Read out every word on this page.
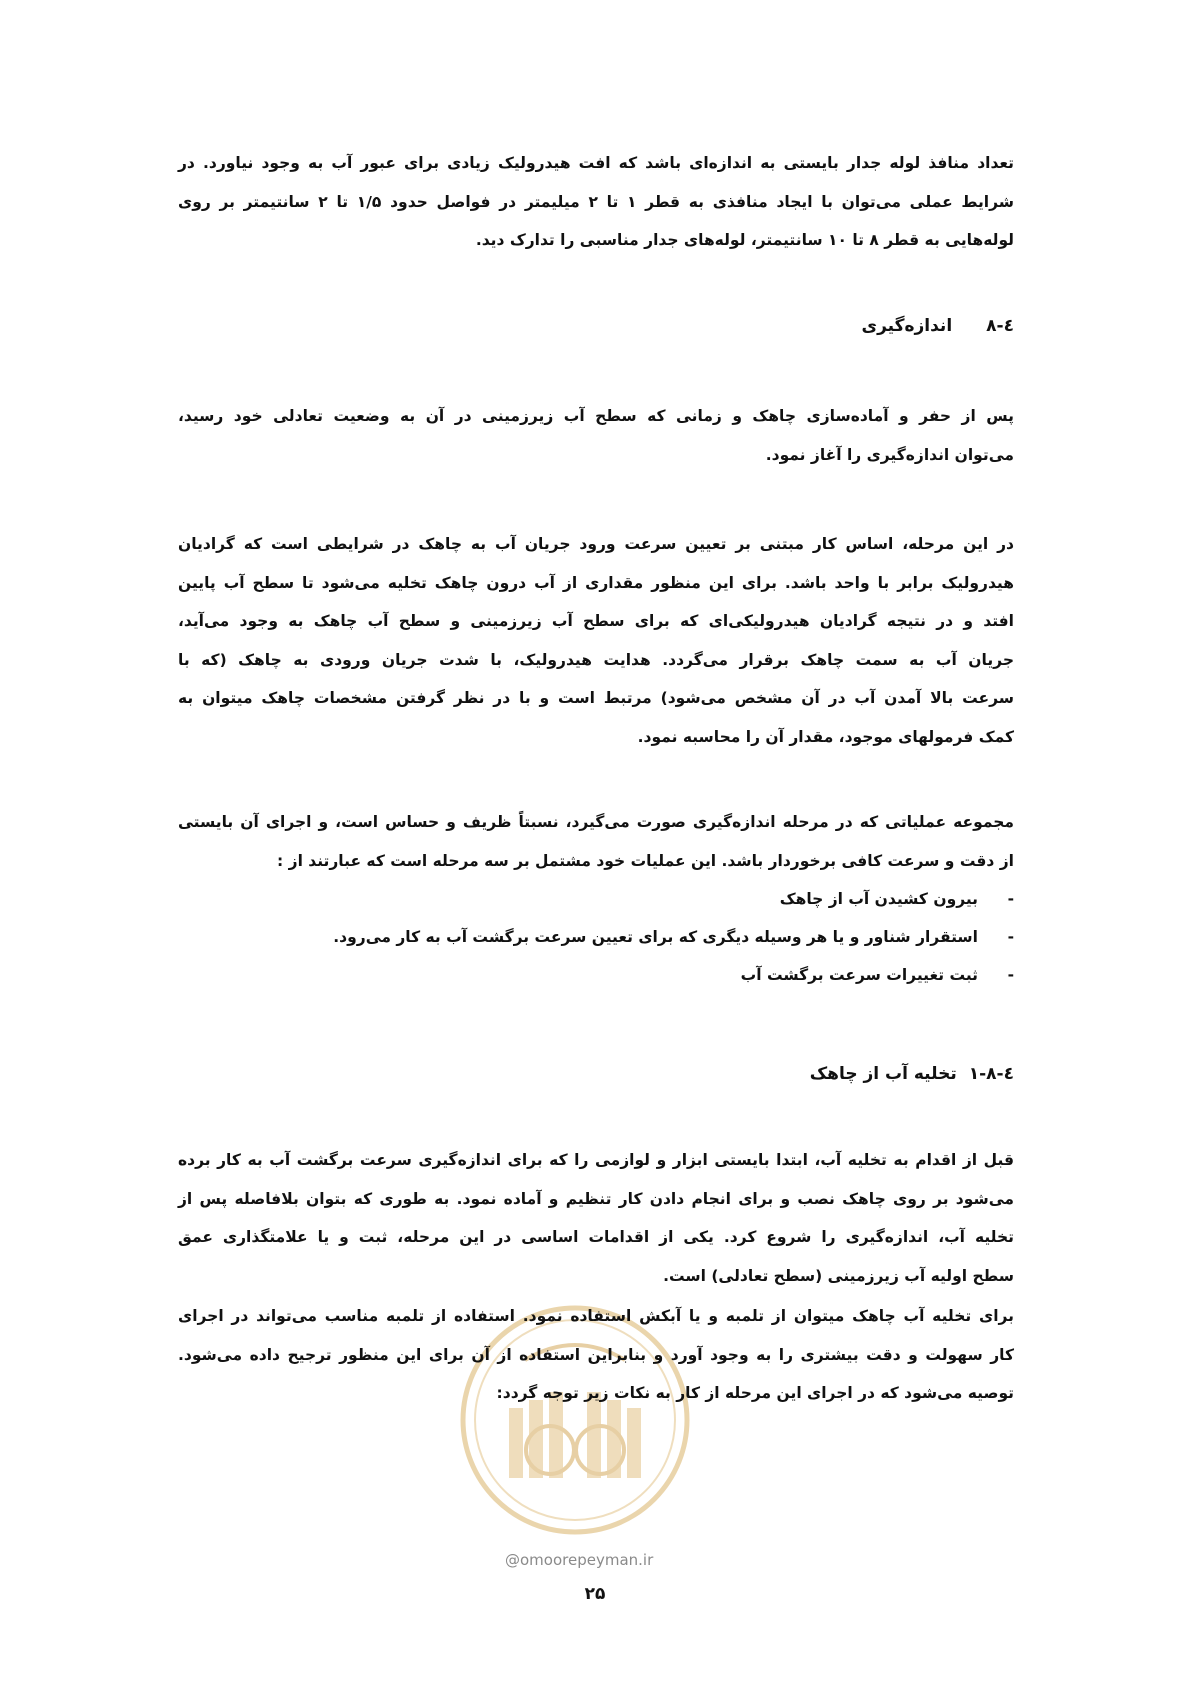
تعداد منافذ لوله جدار بایستی به اندازه‌ای باشد که افت هیدرولیک زیادی برای عبور آب به وجود نیاورد. در
شرایط عملی می‌توان با ایجاد منافذی به قطر ۱ تا ۲ میلیمتر در فواصل حدود ۱/۵ تا ۲ سانتیمتر بر روی
لوله‌هایی به قطر ۸ تا ۱۰ سانتیمتر، لوله‌های جدار مناسبی را تدارک دید.
٤-٨اندازه‌گیری
پس از حفر و آماده‌سازی چاهک و زمانی که سطح آب زیرزمینی در آن به وضعیت تعادلی خود رسید،
می‌توان اندازه‌گیری را آغاز نمود.
در این مرحله، اساس کار مبتنی بر تعیین سرعت ورود جریان آب به چاهک در شرایطی است که گرادیان
هیدرولیک برابر با واحد باشد. برای این منظور مقداری از آب درون چاهک تخلیه می‌شود تا سطح آب پایین
افتد و در نتیجه گرادیان هیدرولیکی‌ای که برای سطح آب زیرزمینی و سطح آب چاهک به وجود می‌آید،
جریان آب به سمت چاهک برقرار می‌گردد. هدایت هیدرولیک، با شدت جریان ورودی به چاهک (که با
سرعت بالا آمدن آب در آن مشخص می‌شود) مرتبط است و با در نظر گرفتن مشخصات چاهک میتوان به
کمک فرمولهای موجود، مقدار آن را محاسبه نمود.
مجموعه عملیاتی که در مرحله اندازه‌گیری صورت می‌گیرد، نسبتاً ظریف و حساس است، و اجرای آن بایستی
از دقت و سرعت کافی برخوردار باشد. این عملیات خود مشتمل بر سه مرحله است که عبارتند از :
-
بیرون کشیدن آب از چاهک
-
استقرار شناور و یا هر وسیله دیگری که برای تعیین سرعت برگشت آب به کار می‌رود.
-
ثبت تغییرات سرعت برگشت آب
٤-٨-١تخلیه آب از چاهک
قبل از اقدام به تخلیه آب، ابتدا بایستی ابزار و لوازمی را که برای اندازه‌گیری سرعت برگشت آب به کار برده
می‌شود بر روی چاهک نصب و برای انجام دادن کار تنظیم و آماده نمود. به طوری که بتوان بلافاصله پس از
تخلیه آب، اندازه‌گیری را شروع کرد. یکی از اقدامات اساسی در این مرحله، ثبت و یا علامتگذاری عمق
سطح اولیه آب زیرزمینی (سطح تعادلی) است.
@omoorepeyman.ir
برای تخلیه آب چاهک میتوان از تلمبه و یا آبکش استفاده نمود. استفاده از تلمبه مناسب می‌تواند در اجرای
کار سهولت و دقت بیشتری را به وجود آورد و بنابراین استفاده از آن برای این منظور ترجیح داده می‌شود.
توصیه می‌شود که در اجرای این مرحله از کار به نکات زیر توجه گردد:
۲۵
